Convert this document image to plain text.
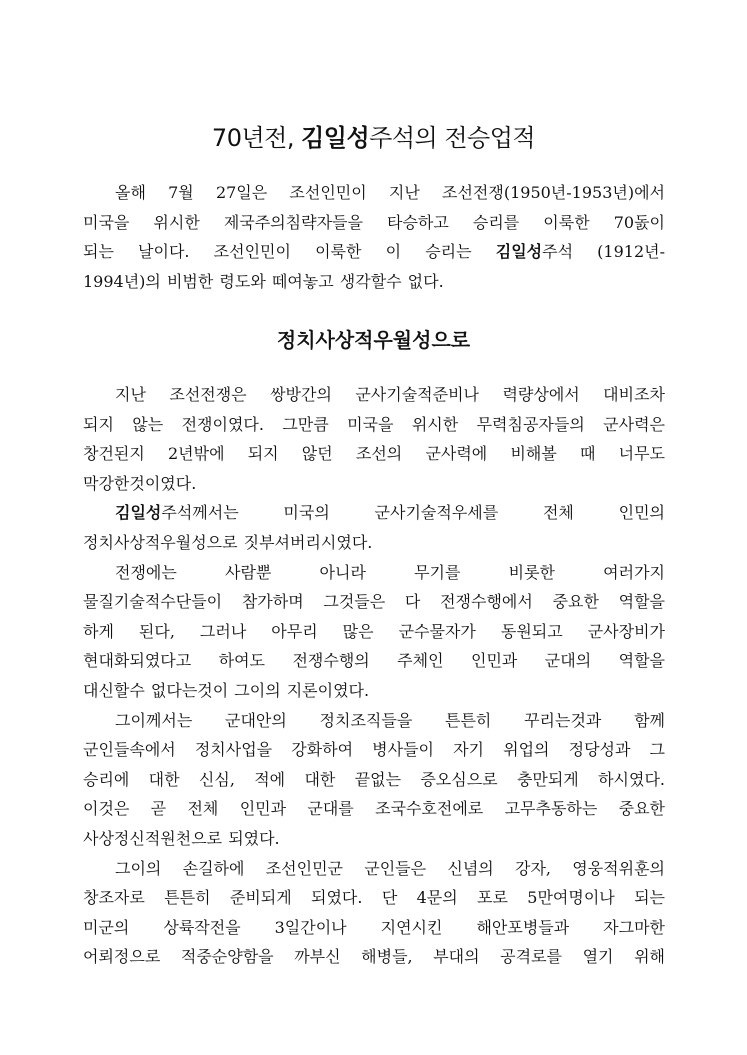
70년전, 김일성주석의 전승업적

올해 7월 27일은 조선인민이 지난 조선전쟁(1950년-1953년)에서
미국을 위시한 제국주의침략자들을 타승하고 승리를 이룩한 70돐이
되는 날이다. 조선인민이 이룩한 이 승리는 김일성주석 (1912년-
1994년)의 비범한 령도와 떼여놓고 생각할수 없다.

정치사상적우월성으로

지난 조선전쟁은 쌍방간의 군사기술적준비나 력량상에서 대비조차
되지 않는 전쟁이였다. 그만큼 미국을 위시한 무력침공자들의 군사력은
창건된지 2년밖에 되지 않던 조선의 군사력에 비해볼 때 너무도
막강한것이였다.

김일성주석께서는 미국의 군사기술적우세를 전체 인민의
정치사상적우월성으로 짓부셔버리시였다.

전쟁에는 사람뿐 아니라 무기를 비롯한 여러가지
물질기술적수단들이 참가하며 그것들은 다 전쟁수행에서 중요한 역할을
하게 된다, 그러나 아무리 많은 군수물자가 동원되고 군사장비가
현대화되였다고 하여도 전쟁수행의 주체인 인민과 군대의 역할을
대신할수 없다는것이 그이의 지론이였다.

그이께서는 군대안의 정치조직들을 튼튼히 꾸리는것과 함께
군인들속에서 정치사업을 강화하여 병사들이 자기 위업의 정당성과 그
승리에 대한 신심, 적에 대한 끝없는 증오심으로 충만되게 하시였다.
이것은 곧 전체 인민과 군대를 조국수호전에로 고무추동하는 중요한
사상정신적원천으로 되였다.

그이의 손길하에 조선인민군 군인들은 신념의 강자, 영웅적위훈의
창조자로 튼튼히 준비되게 되였다. 단 4문의 포로 5만여명이나 되는
미군의 상륙작전을 3일간이나 지연시킨 해안포병들과 자그마한
어뢰정으로 적중순양함을 까부신 해병들, 부대의 공격로를 열기 위해
